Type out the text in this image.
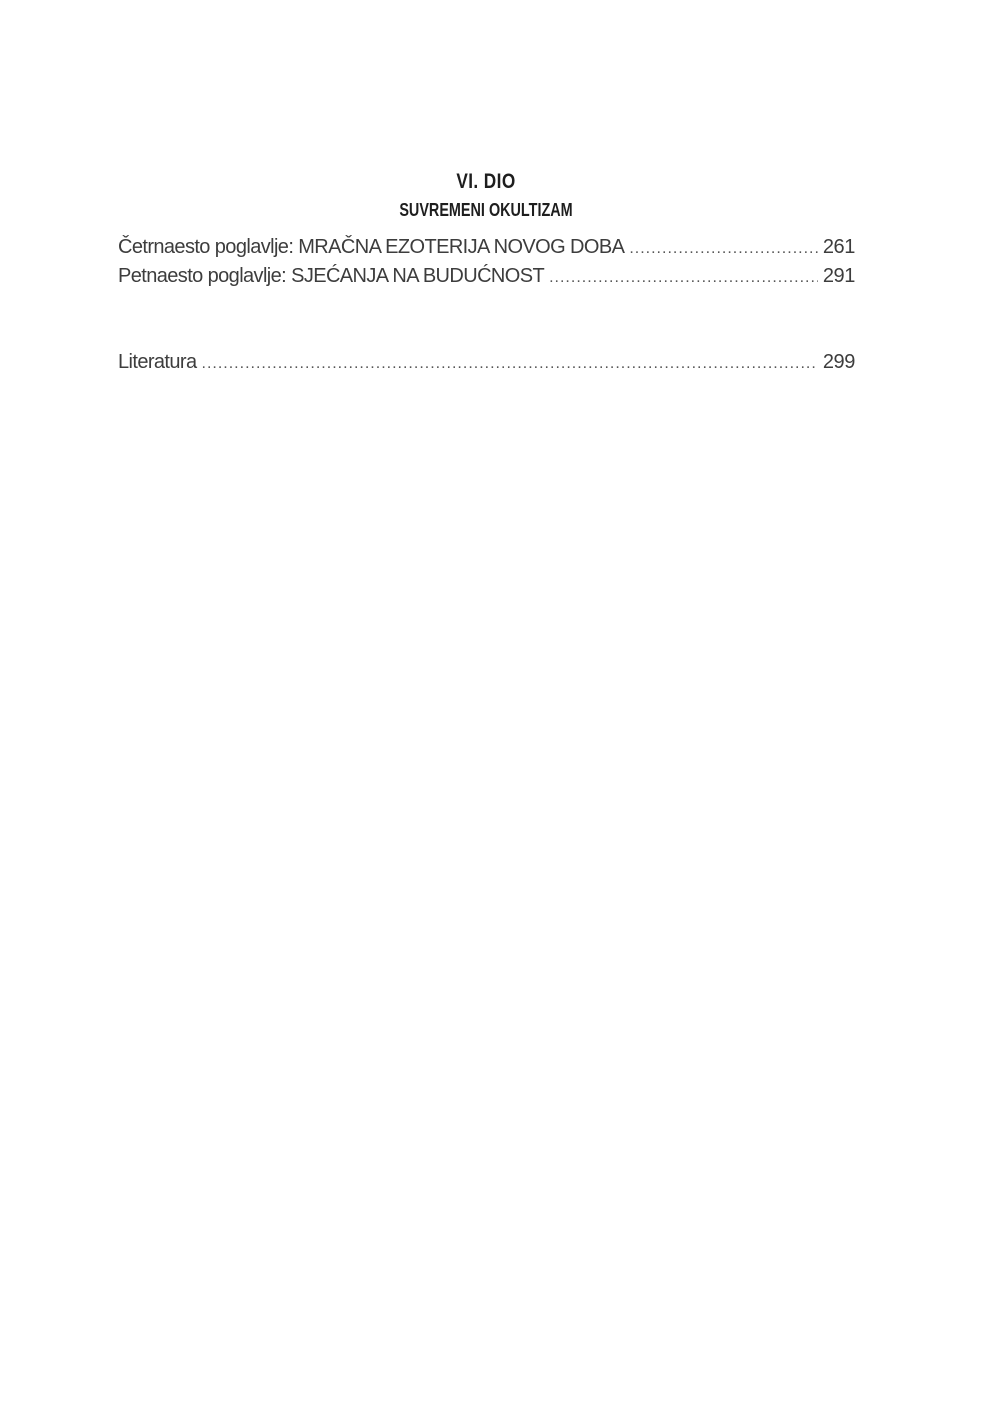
VI. DIO
SUVREMENI OKULTIZAM
Četrnaesto poglavlje: MRAČNA EZOTERIJA NOVOG DOBA .....	261
Petnaesto poglavlje: SJEĆANJA NA BUDUĆNOST .....	291
Literatura .....	299
